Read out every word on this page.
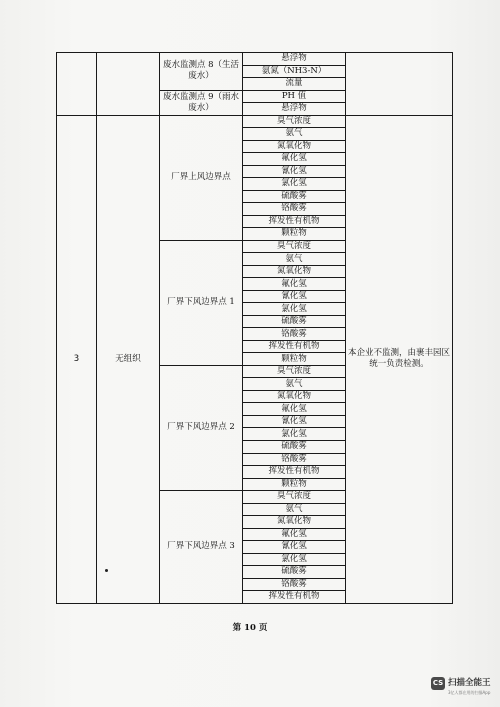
		废水监测点 8（生活废水）	悬浮物	
			氨氮（NH3-N）	
			流量	
		废水监测点 9（雨水废水）	PH 值	
			悬浮物	
3	无组织	厂界上风边界点	臭气浓度	本企业不监测，由裹丰园区统一负责检测。
			氨气	
			氮氧化物	
			氟化氢	
			氰化氢	
			氯化氢	
			硫酸雾	
			铬酸雾	
			挥发性有机物	
			颗粒物	
		厂界下风边界点 1	臭气浓度	
			氨气	
			氮氧化物	
			氟化氢	
			氰化氢	
			氯化氢	
			硫酸雾	
			铬酸雾	
			挥发性有机物	
			颗粒物	
		厂界下风边界点 2	臭气浓度	
			氨气	
			氮氧化物	
			氟化氢	
			氰化氢	
			氯化氢	
			硫酸雾	
			铬酸雾	
			挥发性有机物	
			颗粒物	
		厂界下风边界点 3	臭气浓度	
			氨气	
			氮氧化物	
			氟化氢	
			氰化氢	
			氯化氢	
			硫酸雾	
			铬酸雾	
			挥发性有机物	
第 10 页
CS 扫描全能王
3亿人都在用的扫描App
